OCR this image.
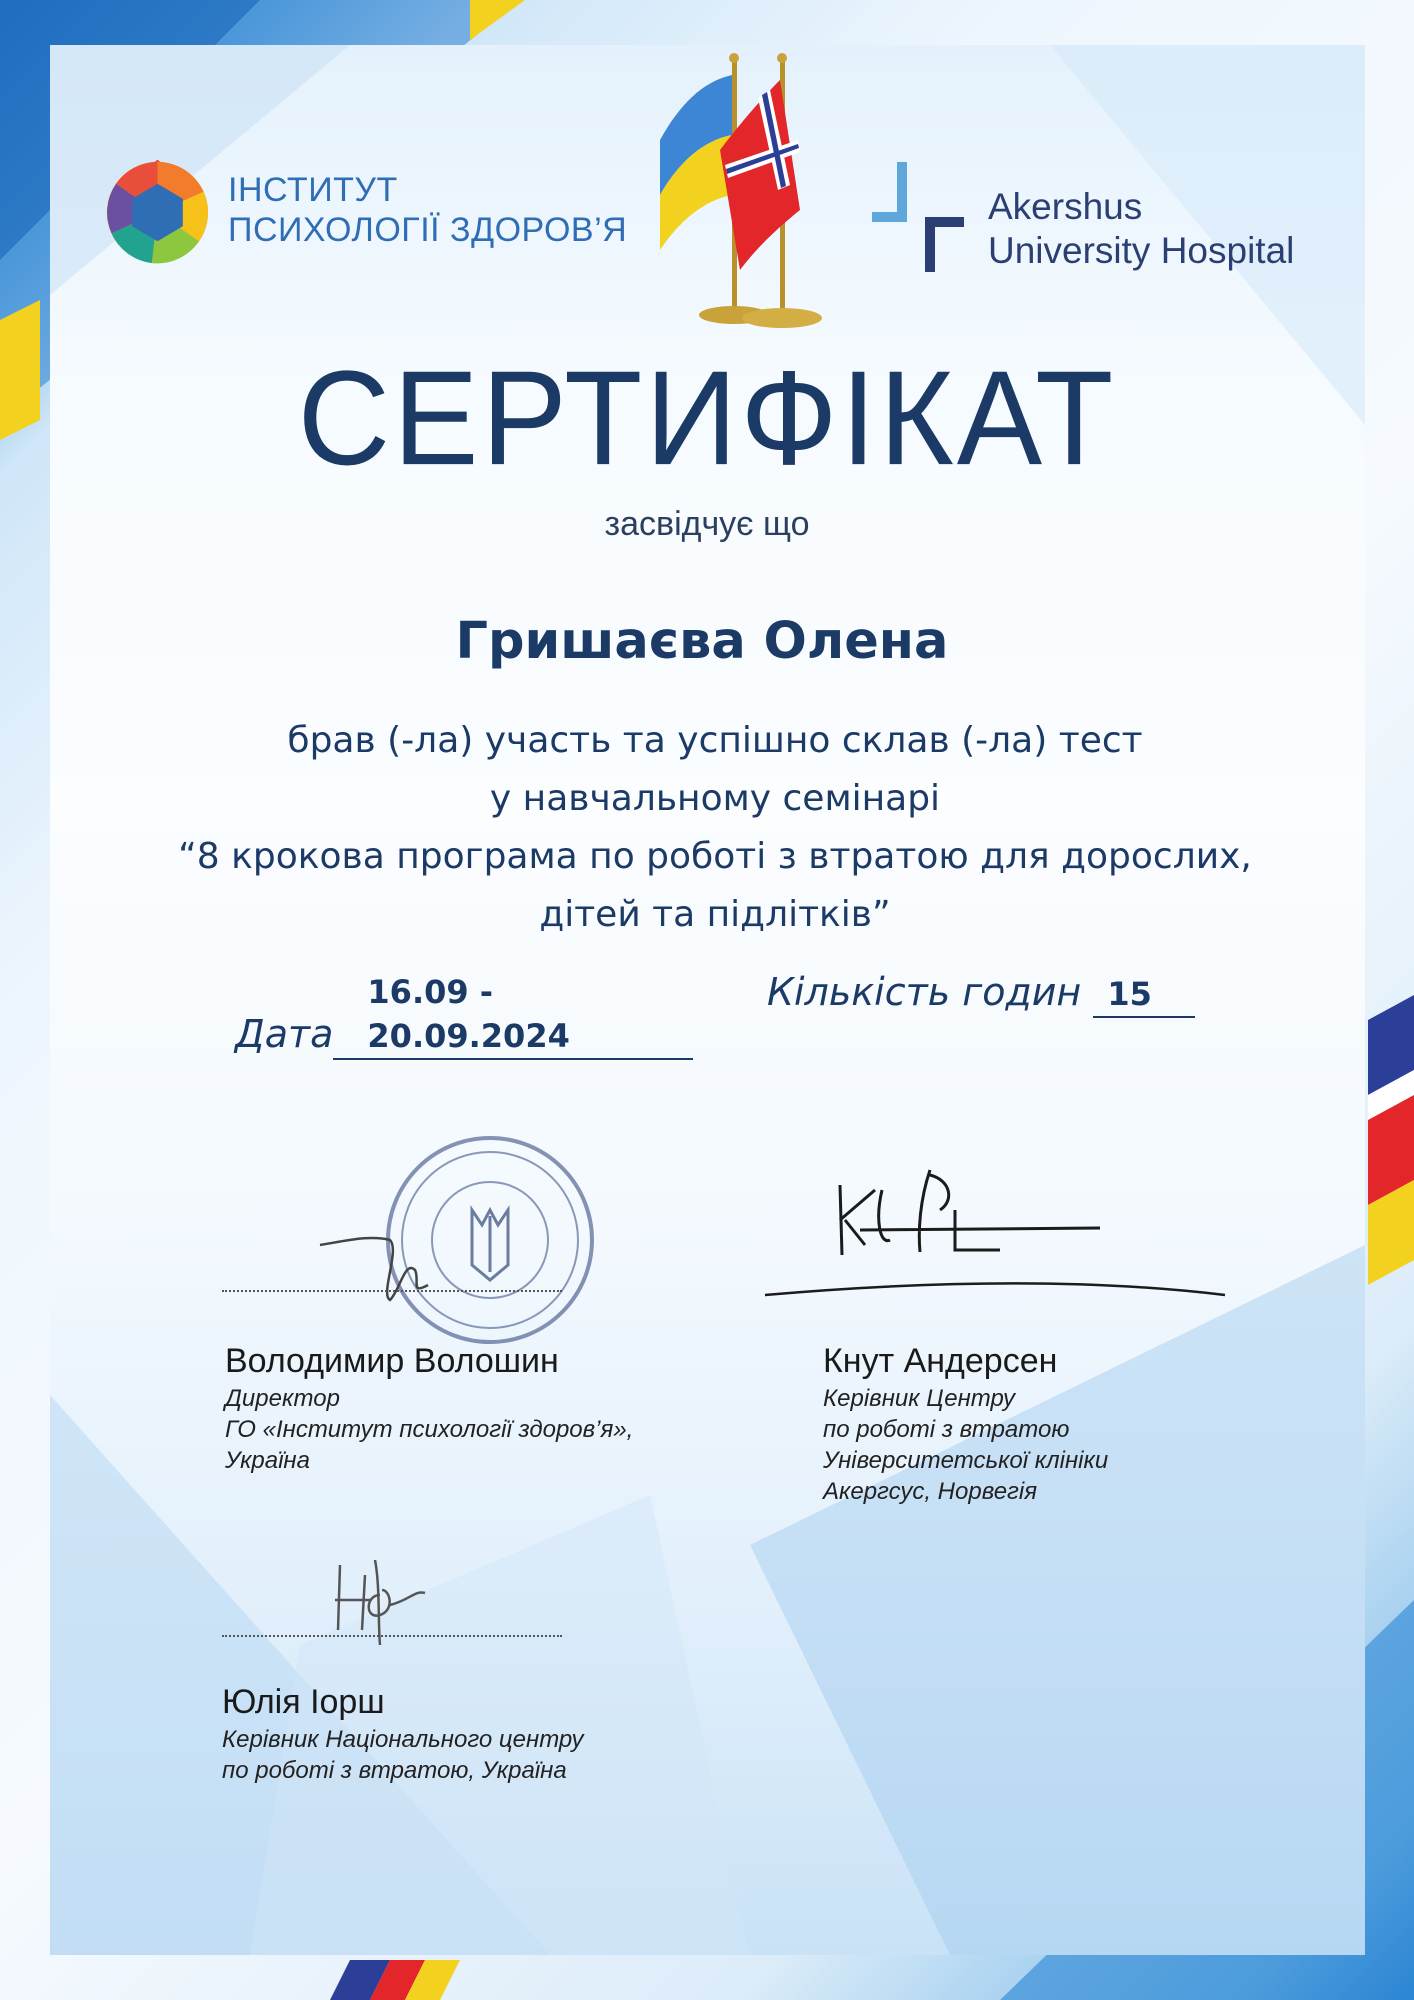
ІНСТИТУТ
ПСИХОЛОГІЇ ЗДОРОВ’Я
Akershus
University Hospital
СЕРТИФІКАТ
засвідчує що
Гришаєва Олена
брав (-ла) участь та успішно склав (-ла) тест
у навчальному семінарі
“8 крокова програма по роботі з втратою для дорослих,
дітей та підлітків”
Дата16.09 - 20.09.2024
Кількість годин 15
Володимир Волошин
Директор
ГО «Інститут психології здоров’я»,
Україна
Кнут Андерсен
Керівник Центру
по роботі з втратою
Університетської клініки
Акергсус, Норвегія
Юлія Іорш
Керівник Національного центру
по роботі з втратою, Україна
